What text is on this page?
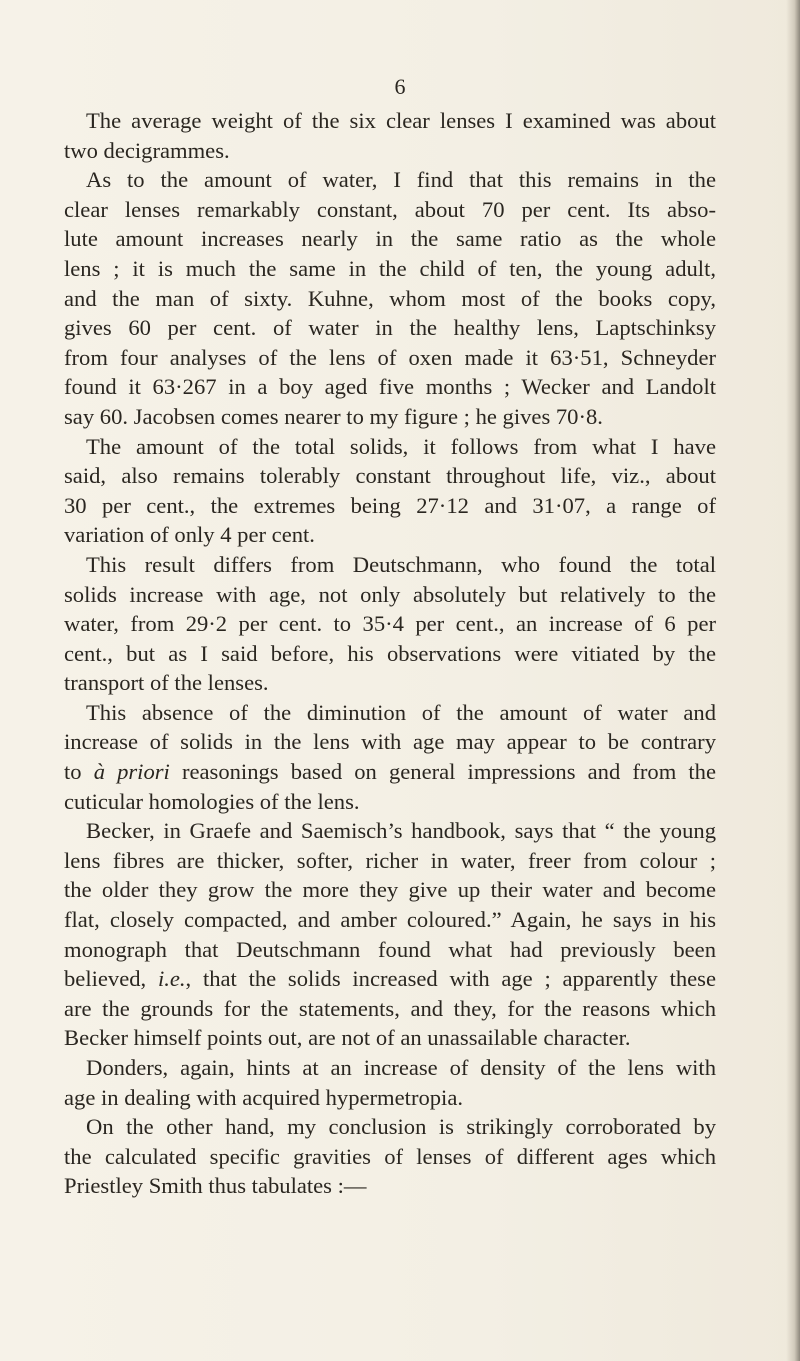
6
The average weight of the six clear lenses I examined was about
two decigrammes.
As to the amount of water, I find that this remains in the
clear lenses remarkably constant, about 70 per cent. Its abso-
lute amount increases nearly in the same ratio as the whole
lens ; it is much the same in the child of ten, the young adult,
and the man of sixty. Kuhne, whom most of the books copy,
gives 60 per cent. of water in the healthy lens, Laptschinksy
from four analyses of the lens of oxen made it 63·51, Schneyder
found it 63·267 in a boy aged five months ; Wecker and Landolt
say 60. Jacobsen comes nearer to my figure ; he gives 70·8.
The amount of the total solids, it follows from what I have
said, also remains tolerably constant throughout life, viz., about
30 per cent., the extremes being 27·12 and 31·07, a range of
variation of only 4 per cent.
This result differs from Deutschmann, who found the total
solids increase with age, not only absolutely but relatively to the
water, from 29·2 per cent. to 35·4 per cent., an increase of 6 per
cent., but as I said before, his observations were vitiated by the
transport of the lenses.
This absence of the diminution of the amount of water and
increase of solids in the lens with age may appear to be contrary
to à priori reasonings based on general impressions and from the
cuticular homologies of the lens.
Becker, in Graefe and Saemisch’s handbook, says that “ the young
lens fibres are thicker, softer, richer in water, freer from colour ;
the older they grow the more they give up their water and become
flat, closely compacted, and amber coloured.” Again, he says in his
monograph that Deutschmann found what had previously been
believed, i.e., that the solids increased with age ; apparently these
are the grounds for the statements, and they, for the reasons which
Becker himself points out, are not of an unassailable character.
Donders, again, hints at an increase of density of the lens with
age in dealing with acquired hypermetropia.
On the other hand, my conclusion is strikingly corroborated by
the calculated specific gravities of lenses of different ages which
Priestley Smith thus tabulates :—
